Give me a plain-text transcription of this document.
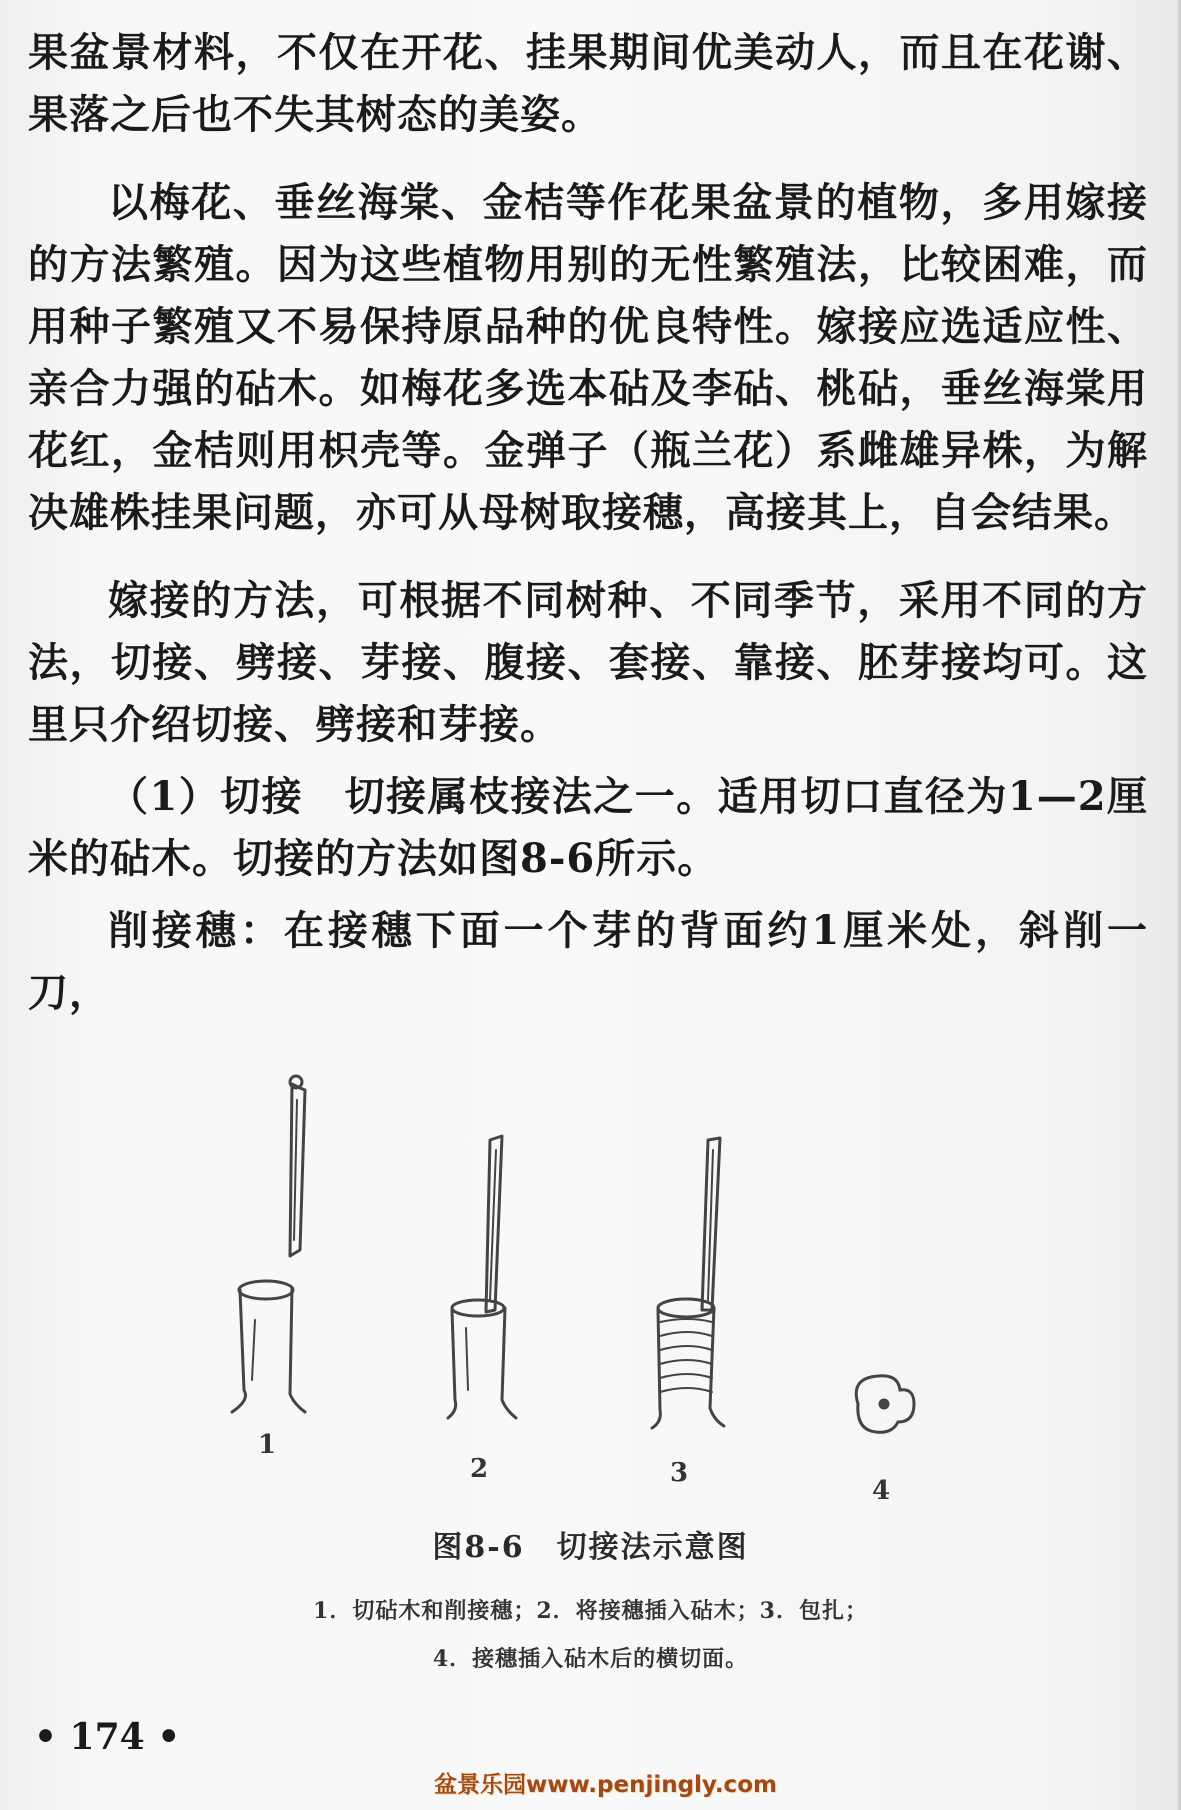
果盆景材料，不仅在开花、挂果期间优美动人，而且在花谢、果落之后也不失其树态的美姿。

以梅花、垂丝海棠、金桔等作花果盆景的植物，多用嫁接的方法繁殖。因为这些植物用别的无性繁殖法，比较困难，而用种子繁殖又不易保持原品种的优良特性。嫁接应选适应性、亲合力强的砧木。如梅花多选本砧及李砧、桃砧，垂丝海棠用花红，金桔则用枳壳等。金弹子（瓶兰花）系雌雄异株，为解决雄株挂果问题，亦可从母树取接穗，高接其上，自会结果。

嫁接的方法，可根据不同树种、不同季节，采用不同的方法，切接、劈接、芽接、腹接、套接、靠接、胚芽接均可。这里只介绍切接、劈接和芽接。

（1）切接　切接属枝接法之一。适用切口直径为1—2厘米的砧木。切接的方法如图8-6所示。

削接穗：在接穗下面一个芽的背面约1厘米处，斜削一刀，

1
2	3
4
图8-6　切接法示意图
1．切砧木和削接穗；2．将接穗插入砧木；3．包扎；
4．接穗插入砧木后的横切面。
• 174 •
盆景乐园www.penjingly.com
